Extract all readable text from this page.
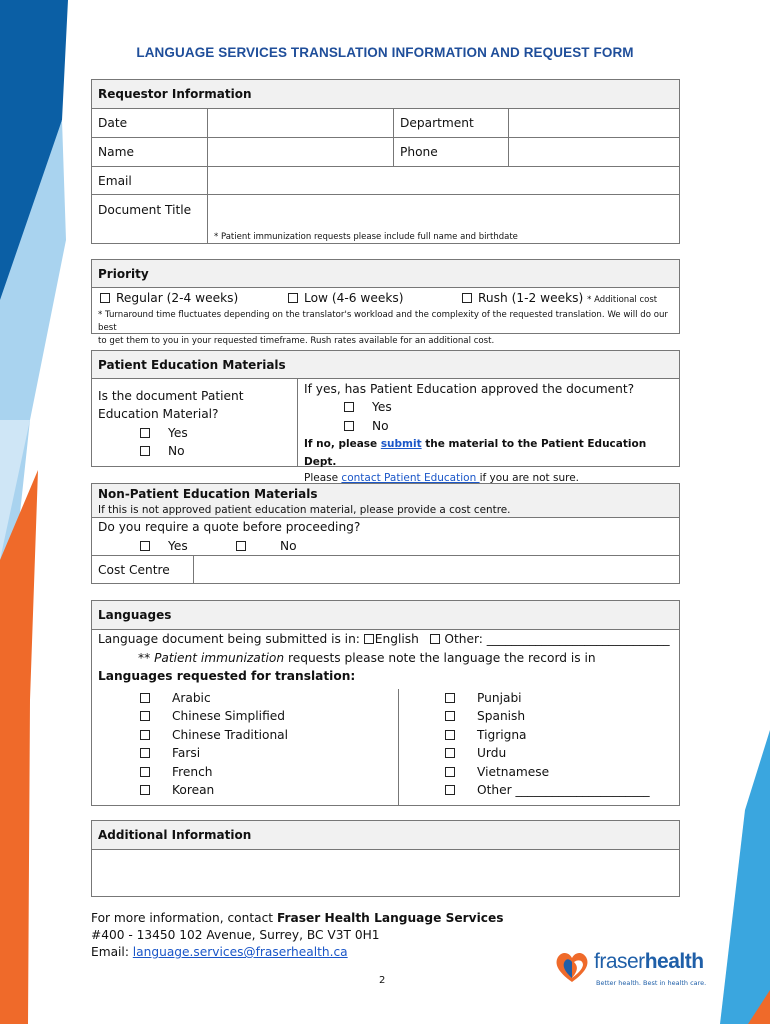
LANGUAGE SERVICES TRANSLATION INFORMATION AND REQUEST FORM
Requestor Information
Date	Department
Name	Phone
Email
Document Title
* Patient immunization requests please include full name and birthdate
Priority
Regular (2-4 weeks)	Low (4-6 weeks)	Rush (1-2 weeks) * Additional cost
* Turnaround time fluctuates depending on the translator's workload and the complexity of the requested translation. We will do our best
to get them to you in your requested timeframe. Rush rates available for an additional cost.
Patient Education Materials
Is the document Patient
Education Material?
Yes
No
If yes, has Patient Education approved the document?
Yes
No
If no, please submit the material to the Patient Education Dept.
Please contact Patient Education if you are not sure.
Non-Patient Education Materials
If this is not approved patient education material, please provide a cost centre.
Do you require a quote before proceeding?
Yes	No
Cost Centre
Languages
Language document being submitted is in: English Other: ______________________________
** Patient immunization requests please note the language the record is in
Languages requested for translation:
Arabic
Chinese Simplified
Chinese Traditional
Farsi
French
Korean
Punjabi
Spanish
Tigrigna
Urdu
Vietnamese
Other ______________________
Additional Information
For more information, contact Fraser Health Language Services
#400 - 13450 102 Avenue, Surrey, BC V3T 0H1
Email: language.services@fraserhealth.ca
2
fraserhealth
Better health. Best in health care.
